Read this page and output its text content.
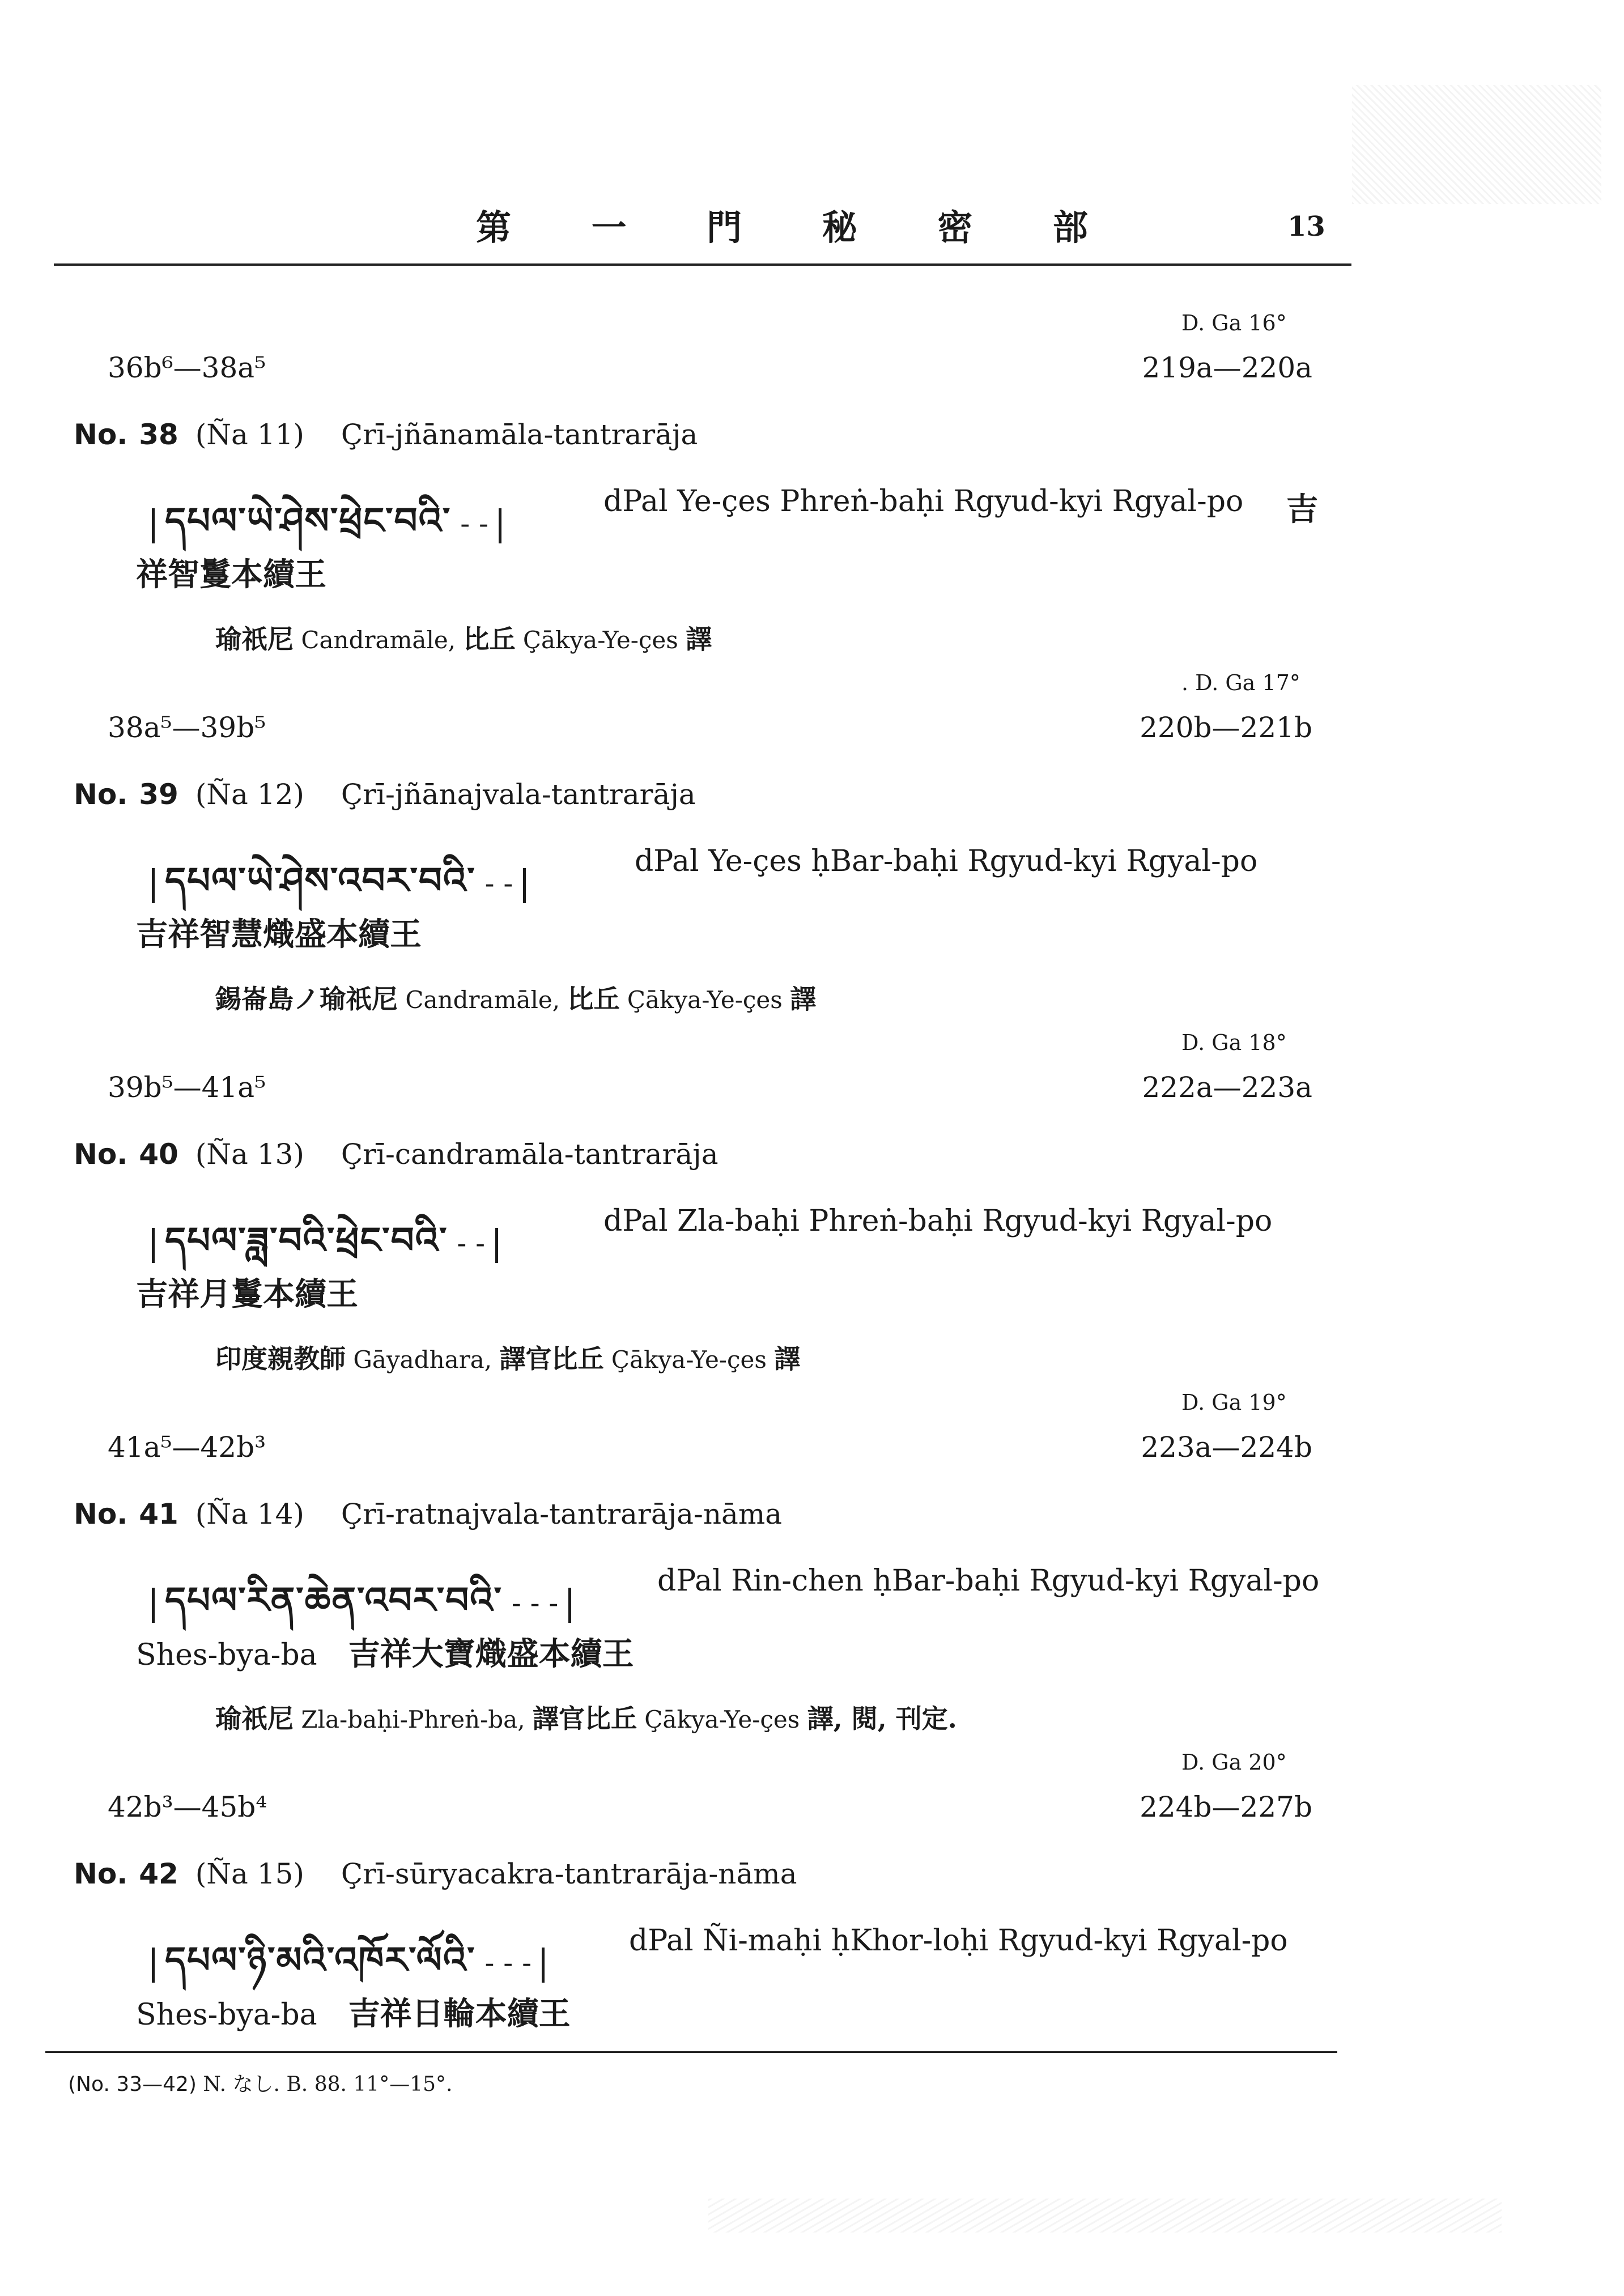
第 一 門 秘 密 部	13
D. Ga 16°
36b⁶—38a⁵	219a—220a
No. 38 (Ña 11) Çrī-jñānamāla-tantrarāja
དཔལ་ཡེ་ཤེས་ཕྲེང་བའི་ - -
dPal Ye-çes Phreṅ-baḥi Rgyud-kyi Rgyal-po 吉
祥智鬘本續王
瑜祇尼 Candramāle, 比丘 Çākya-Ye-çes 譯
. D. Ga 17°
38a⁵—39b⁵	220b—221b
No. 39 (Ña 12) Çrī-jñānajvala-tantrarāja
དཔལ་ཡེ་ཤེས་འབར་བའི་ - -
dPal Ye-çes ḥBar-baḥi Rgyud-kyi Rgyal-po
吉祥智慧熾盛本續王
錫崙島ノ瑜祇尼 Candramāle, 比丘 Çākya-Ye-çes 譯
D. Ga 18°
39b⁵—41a⁵	222a—223a
No. 40 (Ña 13) Çrī-candramāla-tantrarāja
དཔལ་ཟླ་བའི་ཕྲེང་བའི་ - -
dPal Zla-baḥi Phreṅ-baḥi Rgyud-kyi Rgyal-po
吉祥月鬘本續王
印度親教師 Gāyadhara, 譯官比丘 Çākya-Ye-çes 譯
D. Ga 19°
41a⁵—42b³	223a—224b
No. 41 (Ña 14) Çrī-ratnajvala-tantrarāja-nāma
དཔལ་རིན་ཆེན་འབར་བའི་ - - -
dPal Rin-chen ḥBar-baḥi Rgyud-kyi Rgyal-po
Shes-bya-ba 吉祥大寶熾盛本續王
瑜祇尼 Zla-baḥi-Phreṅ-ba, 譯官比丘 Çākya-Ye-çes 譯, 閱, 刊定.
D. Ga 20°
42b³—45b⁴	224b—227b
No. 42 (Ña 15) Çrī-sūryacakra-tantrarāja-nāma
དཔལ་ཉི་མའི་འཁོར་ལོའི་ - - -
dPal Ñi-maḥi ḥKhor-loḥi Rgyud-kyi Rgyal-po
Shes-bya-ba 吉祥日輪本續王
(No. 33—42) N. なし. B. 88. 11°—15°.
